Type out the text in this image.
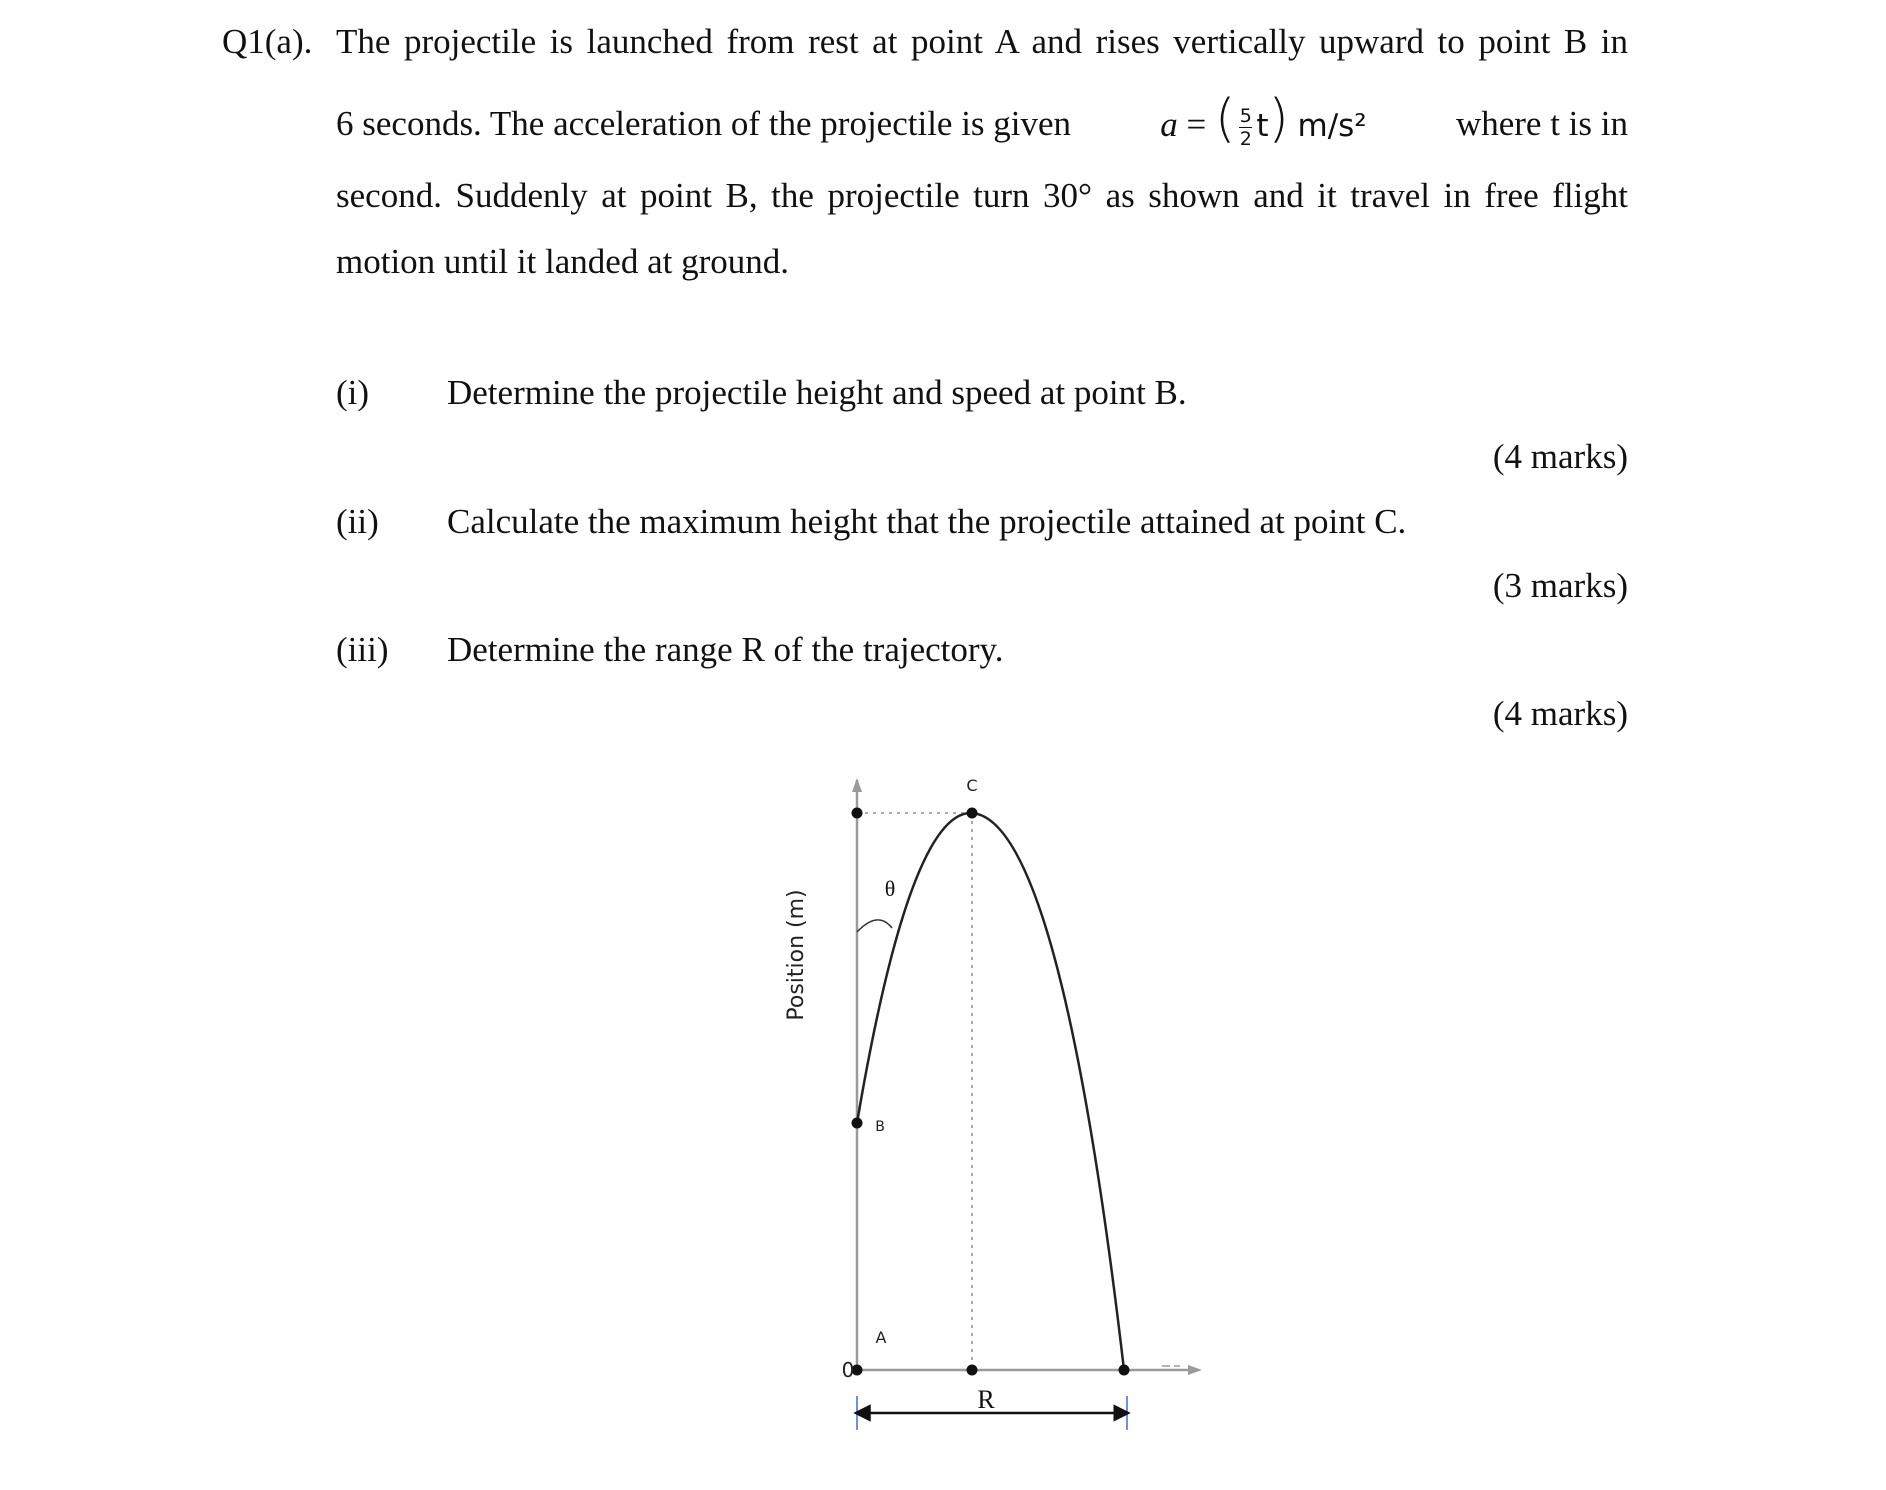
Q1(a). The projectile is launched from rest at point A and rises vertically upward to point B in
6 seconds. The acceleration of the projectile is given	a = ( $\frac{5}{2} t$) m/s²	where t is in
second. Suddenly at point B, the projectile turn 30° as shown and it travel in free flight
motion until it landed at ground.
(i) Determine the projectile height and speed at point B.
(4 marks)
(ii) Calculate the maximum height that the projectile attained at point C.
(3 marks)
(iii) Determine the range R of the trajectory.
(4 marks)
C
θ
B
A
0
Position (m)
R
